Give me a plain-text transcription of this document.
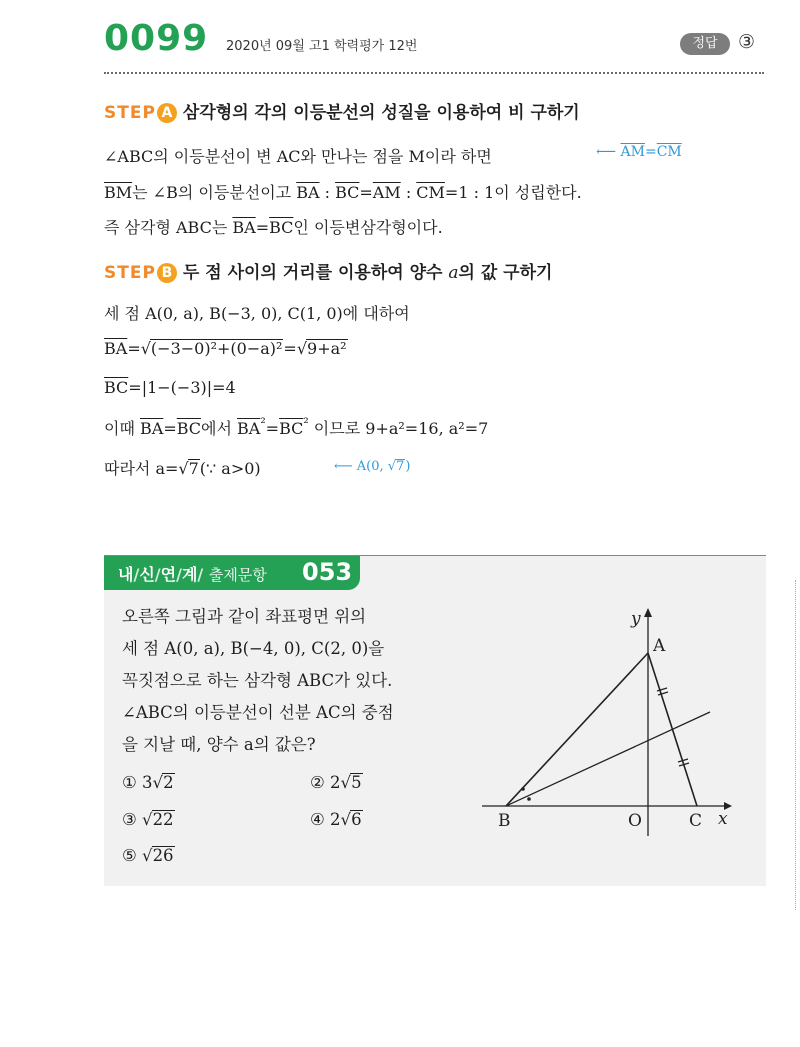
0099 2020년 09월 고1 학력평가 12번	정답	③
STEP A 삼각형의 각의 이등분선의 성질을 이용하여 비 구하기
∠ABC의 이등분선이 변 AC와 만나는 점을 M이라 하면	⟵ $\overline{AM}=\overline{CM}$
$\overline{BM}$는 ∠B의 이등분선이고 $\overline{BA}$ : $\overline{BC}=\overline{AM}$ : $\overline{CM}=1$ : 1이 성립한다.
즉 삼각형 ABC는 $\overline{BA}=\overline{BC}$인 이등변삼각형이다.
STEP B 두 점 사이의 거리를 이용하여 양수 a의 값 구하기
세 점 A(0, a), B(−3, 0), C(1, 0)에 대하여
$\overline{BA}=√(-3-0)^2+(0-a)^2=√9+a^2$
$\overline{BC}=|1-(-3)|=4$
이때 $\overline{BA}=\overline{BC}$에서 $\overline{BA}^{^2}=\overline{BC}^{^2}$ 이므로 9+a²=16, a²=7
따라서 a=√7(∵ a>0)	⟵ A(0, √7)
내/신/연/계/ 출제문항 053
오른쪽 그림과 같이 좌표평면 위의
세 점 A(0, a), B(−4, 0), C(2, 0)을
꼭짓점으로 하는 삼각형 ABC가 있다.
∠ABC의 이등분선이 선분 AC의 중점
을 지날 때, 양수 a의 값은?
① 3√2	② 2√5
③ √22	④ 2√6
⑤ √26
y
A
B	O	C x
